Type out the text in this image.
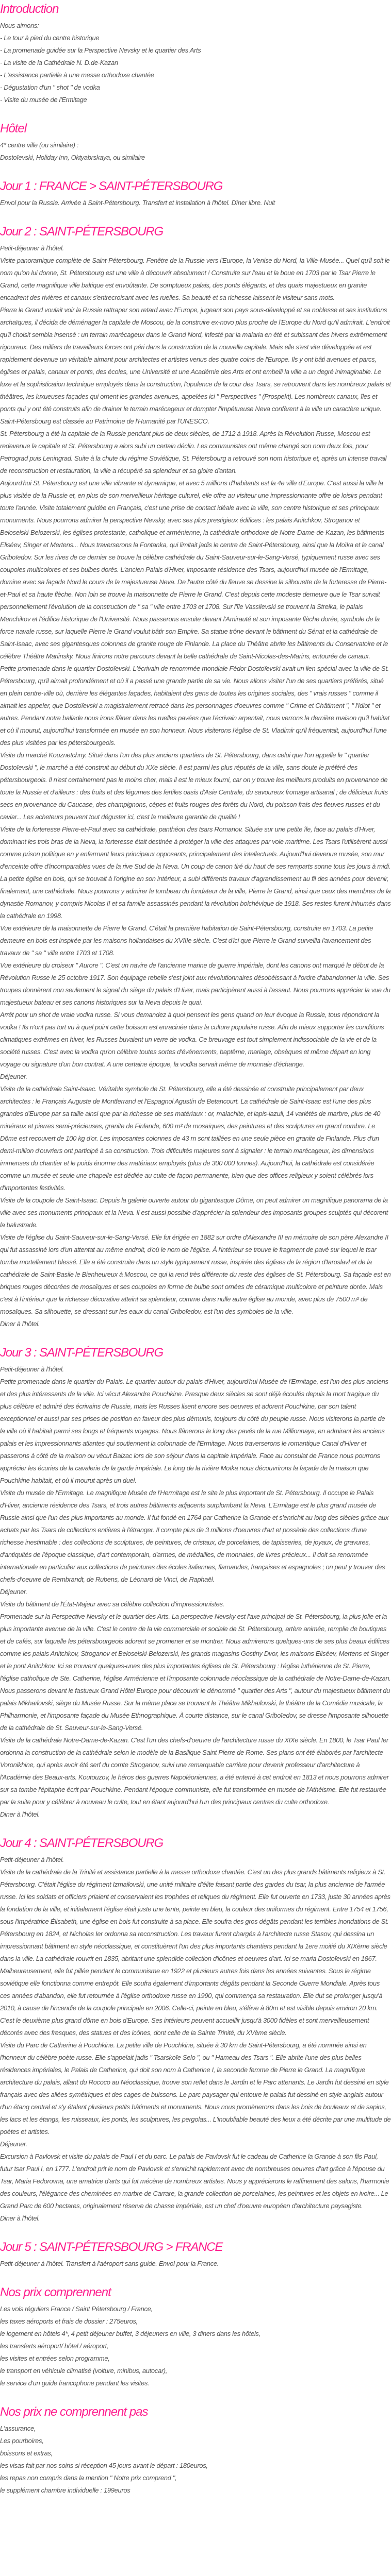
Introduction

Nous aimons:

- Le tour à pied du centre historique

- La promenade guidée sur la Perspective Nevsky et le quartier des Arts

- La visite de la Cathédrale N. D.de-Kazan

- L'assistance partielle à une messe orthodoxe chantée

- Dégustation d'un " shot " de vodka

- Visite du musée de l'Ermitage

Hôtel

4* centre ville (ou similaire) :

Dostoïevski, Holiday Inn, Oktyabrskaya, ou similaire

Jour 1 : FRANCE > SAINT-PÉTERSBOURG

Envol pour la Russie. Arrivée à Saint-Pétersbourg. Transfert et installation à l'hôtel. Dîner libre. Nuit

Jour 2 : SAINT-PÉTERSBOURG

Petit-déjeuner à l'hôtel.

Visite panoramique complète de Saint-Pétersbourg. Fenêtre de la Russie vers l'Europe, la Venise du Nord, la Ville-Musée... Quel qu'il soit le nom qu'on lui donne, St. Pétersbourg est une ville à découvrir absolument ! Construite sur l'eau et la boue en 1703 par le Tsar Pierre le Grand, cette magnifique ville baltique est envoûtante. De somptueux palais, des ponts élégants, et des quais majestueux en granite encadrent des rivières et canaux s'entrecroisant avec les ruelles. Sa beauté et sa richesse laissent le visiteur sans mots.

Pierre le Grand voulait voir la Russie rattraper son retard avec l'Europe, jugeant son pays sous-développé et sa noblesse et ses institutions archaïques, il décida de déménager la capitale de Moscou, de la construire ex-novo plus proche de l'Europe du Nord qu'il admirait. L'endroit qu'il choisit sembla insensé : un terrain marécageux dans le Grand Nord, infesté par la malaria en été et subissant des hivers extrêmement rigoureux. Des milliers de travailleurs forces ont péri dans la construction de la nouvelle capitale. Mais elle s'est vite développée et est rapidement devenue un véritable aimant pour architectes et artistes venus des quatre coins de l'Europe. Ils y ont bâti avenues et parcs, églises et palais, canaux et ponts, des écoles, une Université et une Académie des Arts et ont embelli la ville a un degré inimaginable. Le luxe et la sophistication technique employés dans la construction, l'opulence de la cour des Tsars, se retrouvent dans les nombreux palais et théâtres, les luxueuses façades qui ornent les grandes avenues, appelées ici " Perspectives " (Prospekt). Les nombreux canaux, îles et ponts qui y ont été construits afin de drainer le terrain marécageux et dompter l'impétueuse Neva confèrent à la ville un caractère unique. Saint-Pétersbourg est classée au Patrimoine de l'Humanité par l'UNESCO.

St. Pétersbourg a été la capitale de la Russie pendant plus de deux siècles, de 1712 à 1918. Après la Révolution Russe, Moscou est redevenue la capitale et St. Pétersbourg a alors subi un certain déclin. Les communistes ont même changé son nom deux fois, pour Petrograd puis Leningrad. Suite à la chute du régime Soviétique, St. Pétersbourg a retrouvé son nom historique et, après un intense travail de reconstruction et restauration, la ville a récupéré sa splendeur et sa gloire d'antan.

Aujourd'hui St. Pétersbourg est une ville vibrante et dynamique, et avec 5 millions d'habitants est la 4e ville d'Europe. C'est aussi la ville la plus visitée de la Russie et, en plus de son merveilleux héritage culturel, elle offre au visiteur une impressionnante offre de loisirs pendant toute l'année. Visite totalement guidée en Français, c'est une prise de contact idéale avec la ville, son centre historique et ses principaux monuments. Nous pourrons admirer la perspective Nevsky, avec ses plus prestigieux édifices : les palais Anitchkov, Stroganov et Beloselski-Belozerski, les églises protestante, catholique et arménienne, la cathédrale orthodoxe de Notre-Dame-de-Kazan, les bâtiments Eliséev, Singer et Mertens... Nous traverserons la Fontanka, qui limitait jadis le centre de Saint-Pétersbourg, ainsi que la Moïka et le canal Griboïedov. Sur les rives de ce dernier se trouve la célèbre cathédrale du Saint-Sauveur-sur-le-Sang-Versé, typiquement russe avec ses coupoles multicolores et ses bulbes dorés. L'ancien Palais d'Hiver, imposante résidence des Tsars, aujourd'hui musée de l'Ermitage, domine avec sa façade Nord le cours de la majestueuse Neva. De l'autre côté du fleuve se dessine la silhouette de la forteresse de Pierre-et-Paul et sa haute flèche. Non loin se trouve la maisonnette de Pierre le Grand. C'est depuis cette modeste demeure que le Tsar suivait personnellement l'évolution de la construction de " sa " ville entre 1703 et 1708. Sur l'île Vassilevski se trouvent la Strelka, le palais Menchikov et l'édifice historique de l'Université. Nous passerons ensuite devant l'Amirauté et son imposante flèche dorée, symbole de la force navale russe, sur laquelle Pierre le Grand voulut bâtir son Empire. Sa statue trône devant le bâtiment du Sénat et la cathédrale de Saint-Isaac, avec ses gigantesques colonnes de granite rouge de Finlande. La place du Théâtre abrite les bâtiments du Conservatoire et le célèbre Théâtre Mariinsky. Nous finirons notre parcours devant la belle cathédrale de Saint-Nicolas-des-Marins, entourée de canaux.

Petite promenade dans le quartier Dostoïevski. L'écrivain de renommée mondiale Fédor Dostoïevski avait un lien spécial avec la ville de St. Pétersbourg, qu'il aimait profondément et où il a passé une grande partie de sa vie. Nous allons visiter l'un de ses quartiers préférés, situé en plein centre-ville où, derrière les élégantes façades, habitaient des gens de toutes les origines sociales, des " vrais russes " comme il aimait les appeler, que Dostoïevski a magistralement retracé dans les personnages d'oeuvres comme " Crime et Châtiment ", " l'Idiot " et autres. Pendant notre ballade nous irons flâner dans les ruelles pavées que l'écrivain arpentait, nous verrons la dernière maison qu'il habitat et où il mourut, aujourd'hui transformée en musée en son honneur. Nous visiterons l'église de St. Vladimir qu'il fréquentait, aujourd'hui l'une des plus visitées par les pétersbourgeois.

Visite du marché Kouznetchny. Situé dans l'un des plus anciens quartiers de St. Pétersbourg, dans celui que l'on appelle le " quartier Dostoïevski ", le marché a été construit au début du XXe siècle. Il est parmi les plus réputés de la ville, sans doute le préféré des pétersbourgeois. Il n'est certainement pas le moins cher, mais il est le mieux fourni, car on y trouve les meilleurs produits en provenance de toute la Russie et d'ailleurs : des fruits et des légumes des fertiles oasis d'Asie Centrale, du savoureux fromage artisanal ; de délicieux fruits secs en provenance du Caucase, des champignons, cèpes et fruits rouges des forêts du Nord, du poisson frais des fleuves russes et du caviar... Les acheteurs peuvent tout déguster ici, c'est la meilleure garantie de qualité !

Visite de la forteresse Pierre-et-Paul avec sa cathédrale, panthéon des tsars Romanov. Située sur une petite île, face au palais d'Hiver, dominant les trois bras de la Neva, la forteresse était destinée à protéger la ville des attaques par voie maritime. Les Tsars l'utilisèrent aussi comme prison politique en y enfermant leurs principaux opposants, principalement des intellectuels. Aujourd'hui devenue musée, son mur d'enceinte offre d'incomparables vues de la rive Sud de la Neva. Un coup de canon tiré du haut de ses remparts sonne tous les jours à midi. La petite église en bois, qui se trouvait à l'origine en son intérieur, a subi différents travaux d'agrandissement au fil des années pour devenir, finalement, une cathédrale. Nous pourrons y admirer le tombeau du fondateur de la ville, Pierre le Grand, ainsi que ceux des membres de la dynastie Romanov, y compris Nicolas II et sa famille assassinés pendant la révolution bolchévique de 1918. Ses restes furent inhumés dans la cathédrale en 1998.

Vue extérieure de la maisonnette de Pierre le Grand. C'était la première habitation de Saint-Pétersbourg, construite en 1703. La petite demeure en bois est inspirée par les maisons hollandaises du XVIIIe siècle. C'est d'ici que Pierre le Grand surveilla l'avancement des travaux de " sa " ville entre 1703 et 1708.

Vue extérieure du croiseur " Aurore ". C'est un navire de l'ancienne marine de guerre impériale, dont les canons ont marqué le début de la Révolution Russe le 25 octobre 1917. Son équipage rebelle s'est joint aux révolutionnaires désobéissant à l'ordre d'abandonner la ville. Ses troupes donnèrent non seulement le signal du siège du palais d'Hiver, mais participèrent aussi à l'assaut. Nous pourrons apprécier la vue du majestueux bateau et ses canons historiques sur la Neva depuis le quai.

Arrêt pour un shot de vraie vodka russe. Si vous demandez à quoi pensent les gens quand on leur évoque la Russie, tous répondront la vodka ! Ils n'ont pas tort vu à quel point cette boisson est enracinée dans la culture populaire russe. Afin de mieux supporter les conditions climatiques extrêmes en hiver, les Russes buvaient un verre de vodka. Ce breuvage est tout simplement indissociable de la vie et de la société russes. C'est avec la vodka qu'on célèbre toutes sortes d'événements, baptême, mariage, obsèques et même départ en long voyage ou signature d'un bon contrat. A une certaine époque, la vodka servait même de monnaie d'échange.

Déjeuner.

Visite de la cathédrale Saint-Isaac. Véritable symbole de St. Pétersbourg, elle a été dessinée et construite principalement par deux architectes : le Français Auguste de Montferrand et l'Espagnol Agustín de Betancourt. La cathédrale de Saint-Isaac est l'une des plus grandes d'Europe par sa taille ainsi que par la richesse de ses matériaux : or, malachite, et lapis-lazuli, 14 variétés de marbre, plus de 40 minéraux et pierres semi-précieuses, granite de Finlande, 600 m² de mosaïques, des peintures et des sculptures en grand nombre. Le Dôme est recouvert de 100 kg d'or. Les imposantes colonnes de 43 m sont taillées en une seule pièce en granite de Finlande. Plus d'un demi-million d'ouvriers ont participé à sa construction. Trois difficultés majeures sont à signaler : le terrain marécageux, les dimensions immenses du chantier et le poids énorme des matériaux employés (plus de 300 000 tonnes). Aujourd'hui, la cathédrale est considérée comme un musée et seule une chapelle est dédiée au culte de façon permanente, bien que des offices religieux y soient célébrés lors d'importantes festivités.

Visite de la coupole de Saint-Isaac. Depuis la galerie ouverte autour du gigantesque Dôme, on peut admirer un magnifique panorama de la ville avec ses monuments principaux et la Neva. Il est aussi possible d'apprécier la splendeur des imposants groupes sculptés qui décorent la balustrade.

Visite de l'église du Saint-Sauveur-sur-le-Sang-Versé. Elle fut érigée en 1882 sur ordre d'Alexandre III en mémoire de son père Alexandre II qui fut assassiné lors d'un attentat au même endroit, d'où le nom de l'église. À l'intérieur se trouve le fragment de pavé sur lequel le tsar tomba mortellement blessé. Elle a été construite dans un style typiquement russe, inspirée des églises de la région d'Iaroslavl et de la cathédrale de Saint-Basile le Bienheureux à Moscou, ce qui la rend très différente du reste des églises de St. Pétersbourg. Sa façade est en briques rouges décorées de mosaïques et ses coupoles en forme de bulbe sont ornées de céramique multicolore et peinture dorée. Mais c'est à l'intérieur que la richesse décorative atteint sa splendeur, comme dans nulle autre église au monde, avec plus de 7500 m² de mosaïques. Sa silhouette, se dressant sur les eaux du canal Griboïedov, est l'un des symboles de la ville.

Diner à l'hôtel.

Jour 3 : SAINT-PÉTERSBOURG

Petit-déjeuner à l'hôtel.

Petite promenade dans le quartier du Palais. Le quartier autour du palais d'Hiver, aujourd'hui Musée de l'Ermitage, est l'un des plus anciens et des plus intéressants de la ville. Ici vécut Alexandre Pouchkine. Presque deux siècles se sont déjà écoulés depuis la mort tragique du plus célèbre et admiré des écrivains de Russie, mais les Russes lisent encore ses oeuvres et adorent Pouchkine, par son talent exceptionnel et aussi par ses prises de position en faveur des plus démunis, toujours du côté du peuple russe. Nous visiterons la partie de la ville où il habitait parmi ses longs et fréquents voyages. Nous flânerons le long des pavés de la rue Millionnaya, en admirant les anciens palais et les impressionnants atlantes qui soutiennent la colonnade de l'Ermitage. Nous traverserons le romantique Canal d'Hiver et passerons à côté de la maison ou vécut Balzac lors de son séjour dans la capitale impériale. Face au consulat de France nous pourrons apprécier les écuries de la cavalerie de la garde impériale. Le long de la rivière Moïka nous découvrirons la façade de la maison que Pouchkine habitait, et où il mourut après un duel.

Visite du musée de l'Ermitage. Le magnifique Musée de l'Hermitage est le site le plus important de St. Pétersbourg. Il occupe le Palais d'Hiver, ancienne résidence des Tsars, et trois autres bâtiments adjacents surplombant la Neva. L'Ermitage est le plus grand musée de Russie ainsi que l'un des plus importants au monde. Il fut fondé en 1764 par Catherine la Grande et s'enrichit au long des siècles grâce aux achats par les Tsars de collections entières à l'étranger. Il compte plus de 3 millions d'oeuvres d'art et possède des collections d'une richesse inestimable : des collections de sculptures, de peintures, de cristaux, de porcelaines, de tapisseries, de joyaux, de gravures, d'antiquités de l'époque classique, d'art contemporain, d'armes, de médailles, de monnaies, de livres précieux... Il doit sa renommée internationale en particulier aux collections de peintures des écoles italiennes, flamandes, françaises et espagnoles ; on peut y trouver des chefs-d'oeuvre de Rembrandt, de Rubens, de Léonard de Vinci, de Raphaël.

Déjeuner.

Visite du bâtiment de l'État-Majeur avec sa célèbre collection d'impressionnistes.

Promenade sur la Perspective Nevsky et le quartier des Arts. La perspective Nevsky est l'axe principal de St. Pétersbourg, la plus jolie et la plus importante avenue de la ville. C'est le centre de la vie commerciale et sociale de St. Pétersbourg, artère animée, remplie de boutiques et de cafés, sur laquelle les pétersbourgeois adorent se promener et se montrer. Nous admirerons quelques-uns de ses plus beaux édifices comme les palais Anitchkov, Stroganov et Beloselski-Belozerski, les grands magasins Gostiny Dvor, les maisons Eliséev, Mertens et Singer et le pont Anitchkov. Ici se trouvent quelques-unes des plus importantes églises de St. Pétersbourg : l'église luthérienne de St. Pierre, l'église catholique de Ste. Catherine, l'église Arménienne et l'imposante colonnade néoclassique de la cathédrale de Notre-Dame-de-Kazan. Nous passerons devant le fastueux Grand Hôtel Europe pour découvrir le dénommé " quartier des Arts ", autour du majestueux bâtiment du palais Mikhaïlovski, siège du Musée Russe. Sur la même place se trouvent le Théâtre Mikhaïlovski, le théâtre de la Comédie musicale, la Philharmonie, et l'imposante façade du Musée Ethnographique. À courte distance, sur le canal Griboïedov, se dresse l'imposante silhouette de la cathédrale de St. Sauveur-sur-le-Sang-Versé.

Visite de la cathédrale Notre-Dame-de-Kazan. C'est l'un des chefs-d'oeuvre de l'architecture russe du XIXe siècle. En 1800, le Tsar Paul Ier ordonna la construction de la cathédrale selon le modèle de la Basilique Saint Pierre de Rome. Ses plans ont été élaborés par l'architecte Voronikhine, qui après avoir été serf du comte Stroganov, suivi une remarquable carrière pour devenir professeur d'architecture à l'Académie des Beaux-arts. Koutouzov, le héros des guerres Napoléoniennes, a été enterré à cet endroit en 1813 et nous pourrons admirer sur sa tombe l'épitaphe écrit par Pouchkine. Pendant l'époque communiste, elle fut transformée en musée de l'Athéisme. Elle fut restaurée par la suite pour y célébrer à nouveau le culte, tout en étant aujourd'hui l'un des principaux centres du culte orthodoxe.

Diner à l'hôtel.

Jour 4 : SAINT-PÉTERSBOURG

Petit-déjeuner à l'hôtel.

Visite de la cathédrale de la Trinité et assistance partielle à la messe orthodoxe chantée. C'est un des plus grands bâtiments religieux à St. Pétersbourg. C'était l'église du régiment Izmailovski, une unité militaire d'élite faisant partie des gardes du tsar, la plus ancienne de l'armée russe. Ici les soldats et officiers priaient et conservaient les trophées et reliques du régiment. Elle fut ouverte en 1733, juste 30 années après la fondation de la ville, et initialement l'église était juste une tente, peinte en bleu, la couleur des uniformes du régiment. Entre 1754 et 1756, sous l'impératrice Élisabeth, une église en bois fut construite à sa place. Elle soufra des gros dégâts pendant les terribles inondations de St. Pétersbourg en 1824, et Nicholas Ier ordonna sa reconstruction. Les travaux furent chargés à l'architecte russe Stasov, qui dessina un impressionnant bâtiment en style néoclassique, et constituèrent l'un des plus importants chantiers pendant la 1ere moitié du XIXème siècle dans la ville. La cathédrale rouvrit en 1835, abritant une splendide collection d'icônes et oeuvres d'art. Ici se maria Dostoïevski en 1867. Malheureusement, elle fut pillée pendant le communisme en 1922 et plusieurs autres fois dans les années suivantes. Sous le régime soviétique elle fonctionna comme entrepôt. Elle soufra également d'importants dégâts pendant la Seconde Guerre Mondiale. Après tous ces années d'abandon, elle fut retournée à l'église orthodoxe russe en 1990, qui commença sa restauration. Elle dut se prolonger jusqu'à 2010, à cause de l'incendie de la coupole principale en 2006. Celle-ci, peinte en bleu, s'élève à 80m et est visible depuis environ 20 km. C'est le deuxième plus grand dôme en bois d'Europe. Ses intérieurs peuvent accueillir jusqu'à 3000 fidèles et sont merveilleusement décorés avec des fresques, des statues et des icônes, dont celle de la Sainte Trinité, du XVème siècle.

Visite du Parc de Catherine à Pouchkine. La petite ville de Pouchkine, située à 30 km de Saint-Pétersbourg, a été nommée ainsi en l'honneur du célèbre poète russe. Elle s'appelait jadis " Tsarskoïe Selo ", ou " Hameau des Tsars ". Elle abrite l'une des plus belles résidences impériales, le Palais de Catherine, qui doit son nom à Catherine I, la seconde femme de Pierre le Grand. La magnifique architecture du palais, allant du Rococo au Néoclassique, trouve son reflet dans le Jardin et le Parc attenants. Le Jardin fut dessiné en style français avec des allées symétriques et des cages de buissons. Le parc paysager qui entoure le palais fut dessiné en style anglais autour d'un étang central et s'y étalent plusieurs petits bâtiments et monuments. Nous nous promènerons dans les bois de bouleaux et de sapins, les lacs et les étangs, les ruisseaux, les ponts, les sculptures, les pergolas... L'inoubliable beauté des lieux a été décrite par une multitude de poètes et artistes.

Déjeuner.

Excursion à Pavlovsk et visite du palais de Paul I et du parc. Le palais de Pavlovsk fut le cadeau de Catherine la Grande à son fils Paul, futur tsar Paul I, en 1777. L'endroit prit le nom de Pavlovsk et s'enrichit rapidement avec de nombreuses oeuvres d'art grâce à l'épouse du Tsar, Maria Fedorovna, une amatrice d'arts qui fut mécène de nombreux artistes. Nous y apprécierons le raffinement des salons, l'harmonie des couleurs, l'élégance des cheminées en marbre de Carrare, la grande collection de porcelaines, les peintures et les objets en ivoire... Le Grand Parc de 600 hectares, originalement réserve de chasse impériale, est un chef d'oeuvre européen d'architecture paysagiste.

Diner à l'hôtel.

Jour 5 : SAINT-PÉTERSBOURG > FRANCE

Petit-déjeuner à l'hôtel. Transfert à l'aéroport sans guide. Envol pour la France.

Nos prix comprennent

Les vols réguliers France / Saint Pétersbourg / France,

les taxes aéroports et frais de dossier : 275euros,

le logement en hôtels 4*, 4 petit déjeuner buffet, 3 déjeuners en ville, 3 diners dans les hôtels,

les transferts aéroport/ hôtel / aéroport,

les visites et entrées selon programme,

le transport en véhicule climatisé (voiture, minibus, autocar),

le service d'un guide francophone pendant les visites.

Nos prix ne comprennent pas

L'assurance,

Les pourboires,

boissons et extras,

les visas fait par nos soins si réception 45 jours avant le départ : 180euros,

les repas non compris dans la mention " Notre prix comprend ",

le supplément chambre individuelle : 199euros
